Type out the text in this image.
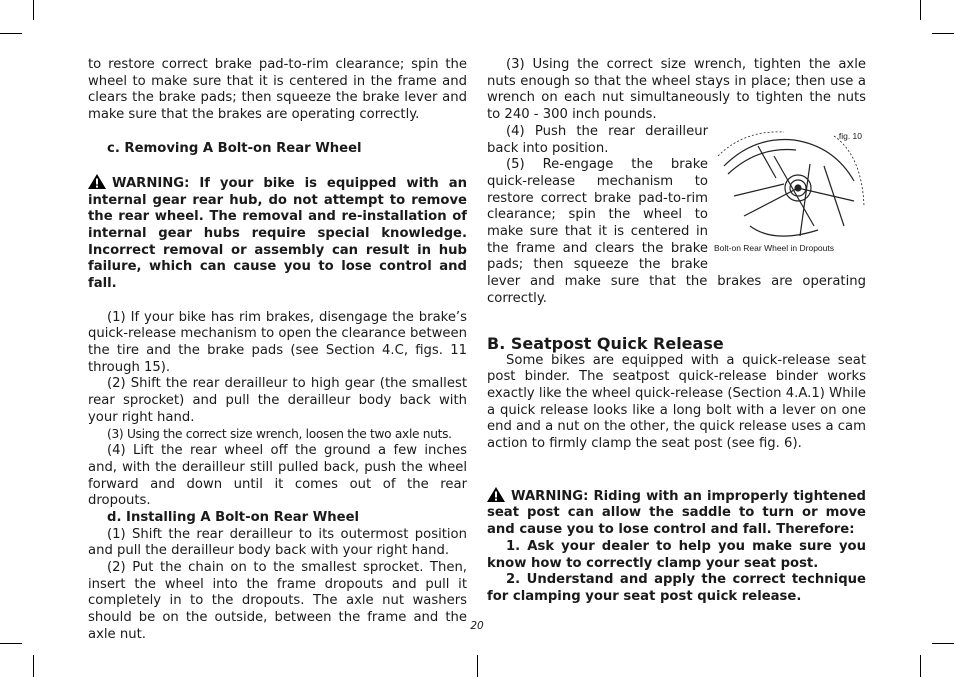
to restore correct brake pad-to-rim clearance; spin the wheel to make sure that it is centered in the frame and clears the brake pads; then squeeze the brake lever and make sure that the brakes are operating correctly.

c. Removing A Bolt-on Rear Wheel

WARNING: If your bike is equipped with an internal gear rear hub, do not attempt to remove the rear wheel. The removal and re-installation of internal gear hubs require special knowledge. Incorrect removal or assembly can result in hub failure, which can cause you to lose control and fall.

(1) If your bike has rim brakes, disengage the brake’s quick-release mechanism to open the clearance between the tire and the brake pads (see Section 4.C, figs. 11 through 15).

(2) Shift the rear derailleur to high gear (the smallest rear sprocket) and pull the derailleur body back with your right hand.

(3) Using the correct size wrench, loosen the two axle nuts.

(4) Lift the rear wheel off the ground a few inches and, with the derailleur still pulled back, push the wheel forward and down until it comes out of the rear dropouts.

d. Installing A Bolt-on Rear Wheel

(1) Shift the rear derailleur to its outermost position and pull the derailleur body back with your right hand.

(2) Put the chain on to the smallest sprocket. Then, insert the wheel into the frame dropouts and pull it completely in to the dropouts. The axle nut washers should be on the outside, between the frame and the axle nut.

(3) Using the correct size wrench, tighten the axle nuts enough so that the wheel stays in place; then use a wrench on each nut simultaneously to tighten the nuts to 240 - 300 inch pounds.

fig. 10
Bolt-on Rear Wheel in Dropouts

(4) Push the rear derailleur back into position.

(5) Re-engage the brake quick-release mechanism to restore correct brake pad-to-rim clearance; spin the wheel to make sure that it is centered in the frame and clears the brake pads; then squeeze the brake lever and make sure that the brakes are operating correctly.

B. Seatpost Quick Release

Some bikes are equipped with a quick-release seat post binder. The seatpost quick-release binder works exactly like the wheel quick-release (Section 4.A.1) While a quick release looks like a long bolt with a lever on one end and a nut on the other, the quick release uses a cam action to firmly clamp the seat post (see fig. 6).

WARNING: Riding with an improperly tightened seat post can allow the saddle to turn or move and cause you to lose control and fall. Therefore:

1. Ask your dealer to help you make sure you know how to correctly clamp your seat post.

2. Understand and apply the correct technique for clamping your seat post quick release.

20
